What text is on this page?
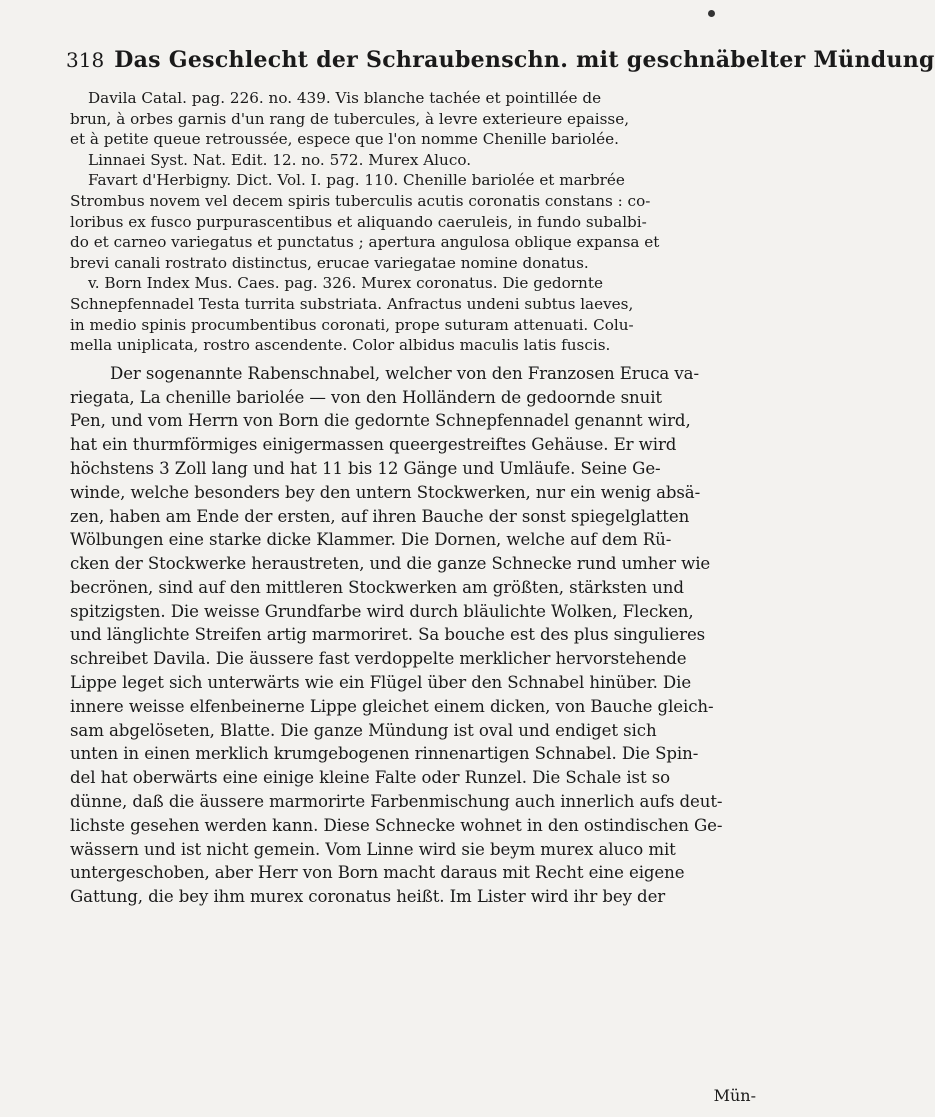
318 Das Geschlecht der Schraubenschn. mit geschnäbelter Mündung
Davila Catal. pag. 226. no. 439. Vis blanche tachée et pointillée de
brun, à orbes garnis d'un rang de tubercules, à levre exterieure epaisse,
et à petite queue retroussée, espece que l'on nomme Chenille bariolée.
Linnaei Syst. Nat. Edit. 12. no. 572. Murex Aluco.
Favart d'Herbigny. Dict. Vol. I. pag. 110. Chenille bariolée et marbrée
Strombus novem vel decem spiris tuberculis acutis coronatis constans : co-
loribus ex fusco purpurascentibus et aliquando caeruleis, in fundo subalbi-
do et carneo variegatus et punctatus ; apertura angulosa oblique expansa et
brevi canali rostrato distinctus, erucae variegatae nomine donatus.
v. Born Index Mus. Caes. pag. 326. Murex coronatus. Die gedornte
Schnepfennadel Testa turrita substriata. Anfractus undeni subtus laeves,
in medio spinis procumbentibus coronati, prope suturam attenuati. Colu-
mella uniplicata, rostro ascendente. Color albidus maculis latis fuscis.
Der sogenannte Rabenschnabel, welcher von den Franzosen Eruca va-
riegata, La chenille bariolée — von den Holländern de gedoornde snuit
Pen, und vom Herrn von Born die gedornte Schnepfennadel genannt wird,
hat ein thurmförmiges einigermassen queergestreiftes Gehäuse. Er wird
höchstens 3 Zoll lang und hat 11 bis 12 Gänge und Umläufe. Seine Ge-
winde, welche besonders bey den untern Stockwerken, nur ein wenig absä-
zen, haben am Ende der ersten, auf ihren Bauche der sonst spiegelglatten
Wölbungen eine starke dicke Klammer. Die Dornen, welche auf dem Rü-
cken der Stockwerke heraustreten, und die ganze Schnecke rund umher wie
becrönen, sind auf den mittleren Stockwerken am größten, stärksten und
spitzigsten. Die weisse Grundfarbe wird durch bläulichte Wolken, Flecken,
und länglichte Streifen artig marmoriret. Sa bouche est des plus singulieres
schreibet Davila. Die äussere fast verdoppelte merklicher hervorstehende
Lippe leget sich unterwärts wie ein Flügel über den Schnabel hinüber. Die
innere weisse elfenbeinerne Lippe gleichet einem dicken, von Bauche gleich-
sam abgelöseten, Blatte. Die ganze Mündung ist oval und endiget sich
unten in einen merklich krumgebogenen rinnenartigen Schnabel. Die Spin-
del hat oberwärts eine einige kleine Falte oder Runzel. Die Schale ist so
dünne, daß die äussere marmorirte Farbenmischung auch innerlich aufs deut-
lichste gesehen werden kann. Diese Schnecke wohnet in den ostindischen Ge-
wässern und ist nicht gemein. Vom Linne wird sie beym murex aluco mit
untergeschoben, aber Herr von Born macht daraus mit Recht eine eigene
Gattung, die bey ihm murex coronatus heißt. Im Lister wird ihr bey der
Mün-
